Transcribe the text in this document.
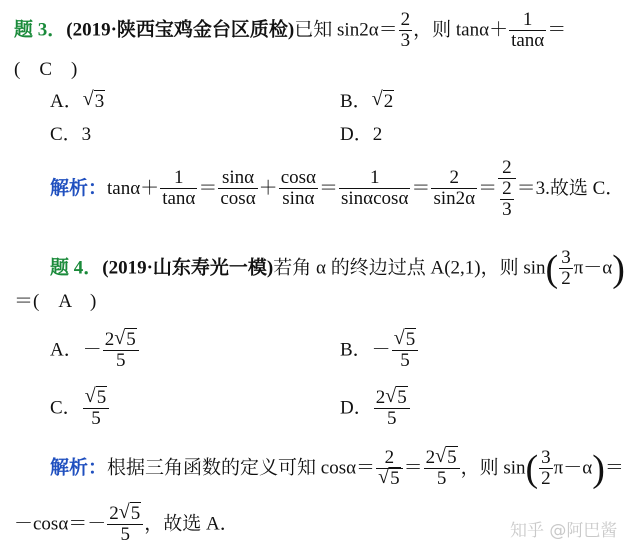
题 3．(2019·陕西宝鸡金台区质检)已知 $\sin 2\alpha= \frac{2}{3}$ ，则 $\tan\alpha+ \frac{1}{\tan\alpha}$ ＝
(　C　)
A． √ 3	B． √ 2
C．3	D．2
解析：$\tan\alpha+ \frac{1}{\tan\alpha} = \frac{\sin\alpha}{\cos\alpha} + \frac{\cos\alpha}{\sin\alpha} = \frac{1}{\sin\alpha\cos\alpha} = \frac{2}{\sin 2\alpha} = \frac{2}{\frac{2}{3}} =3$.故选 C．
题 4．(2019·山东寿光一模)若角 α 的终边过点 A(2,1)，则 $\sin( \frac{3}{2} \pi-\alpha)$
＝(　A　)
A．－ $\frac{2 √ 5}{5}$	B．－ √ $\frac{5}{5}$
C． √ $\frac{5}{5}$	D． $\frac{2 √ 5}{5}$
解析：根据三角函数的定义可知 cosα＝ 2
√ $5 = \frac{2 √ 5}{5}$ ，则 $\sin( \frac{3}{2} \pi-\alpha)=$
$-\cos\alpha=- \frac{2 √ 5}{5}$ ，故选 A．	知乎 @阿巴酱
